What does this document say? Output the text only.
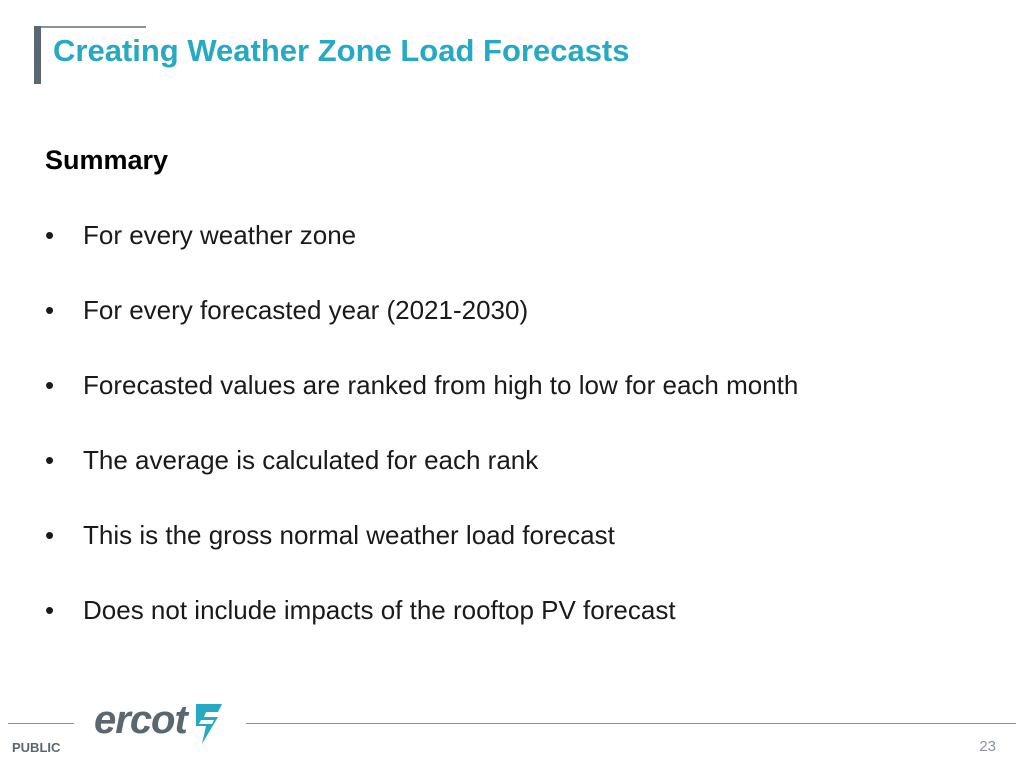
Creating Weather Zone Load Forecasts
Summary
•	For every weather zone
•	For every forecasted year (2021-2030)
•	Forecasted values are ranked from high to low for each month
•	The average is calculated for each rank
•	This is the gross normal weather load forecast
•	Does not include impacts of the rooftop PV forecast
ercot
PUBLIC	23
